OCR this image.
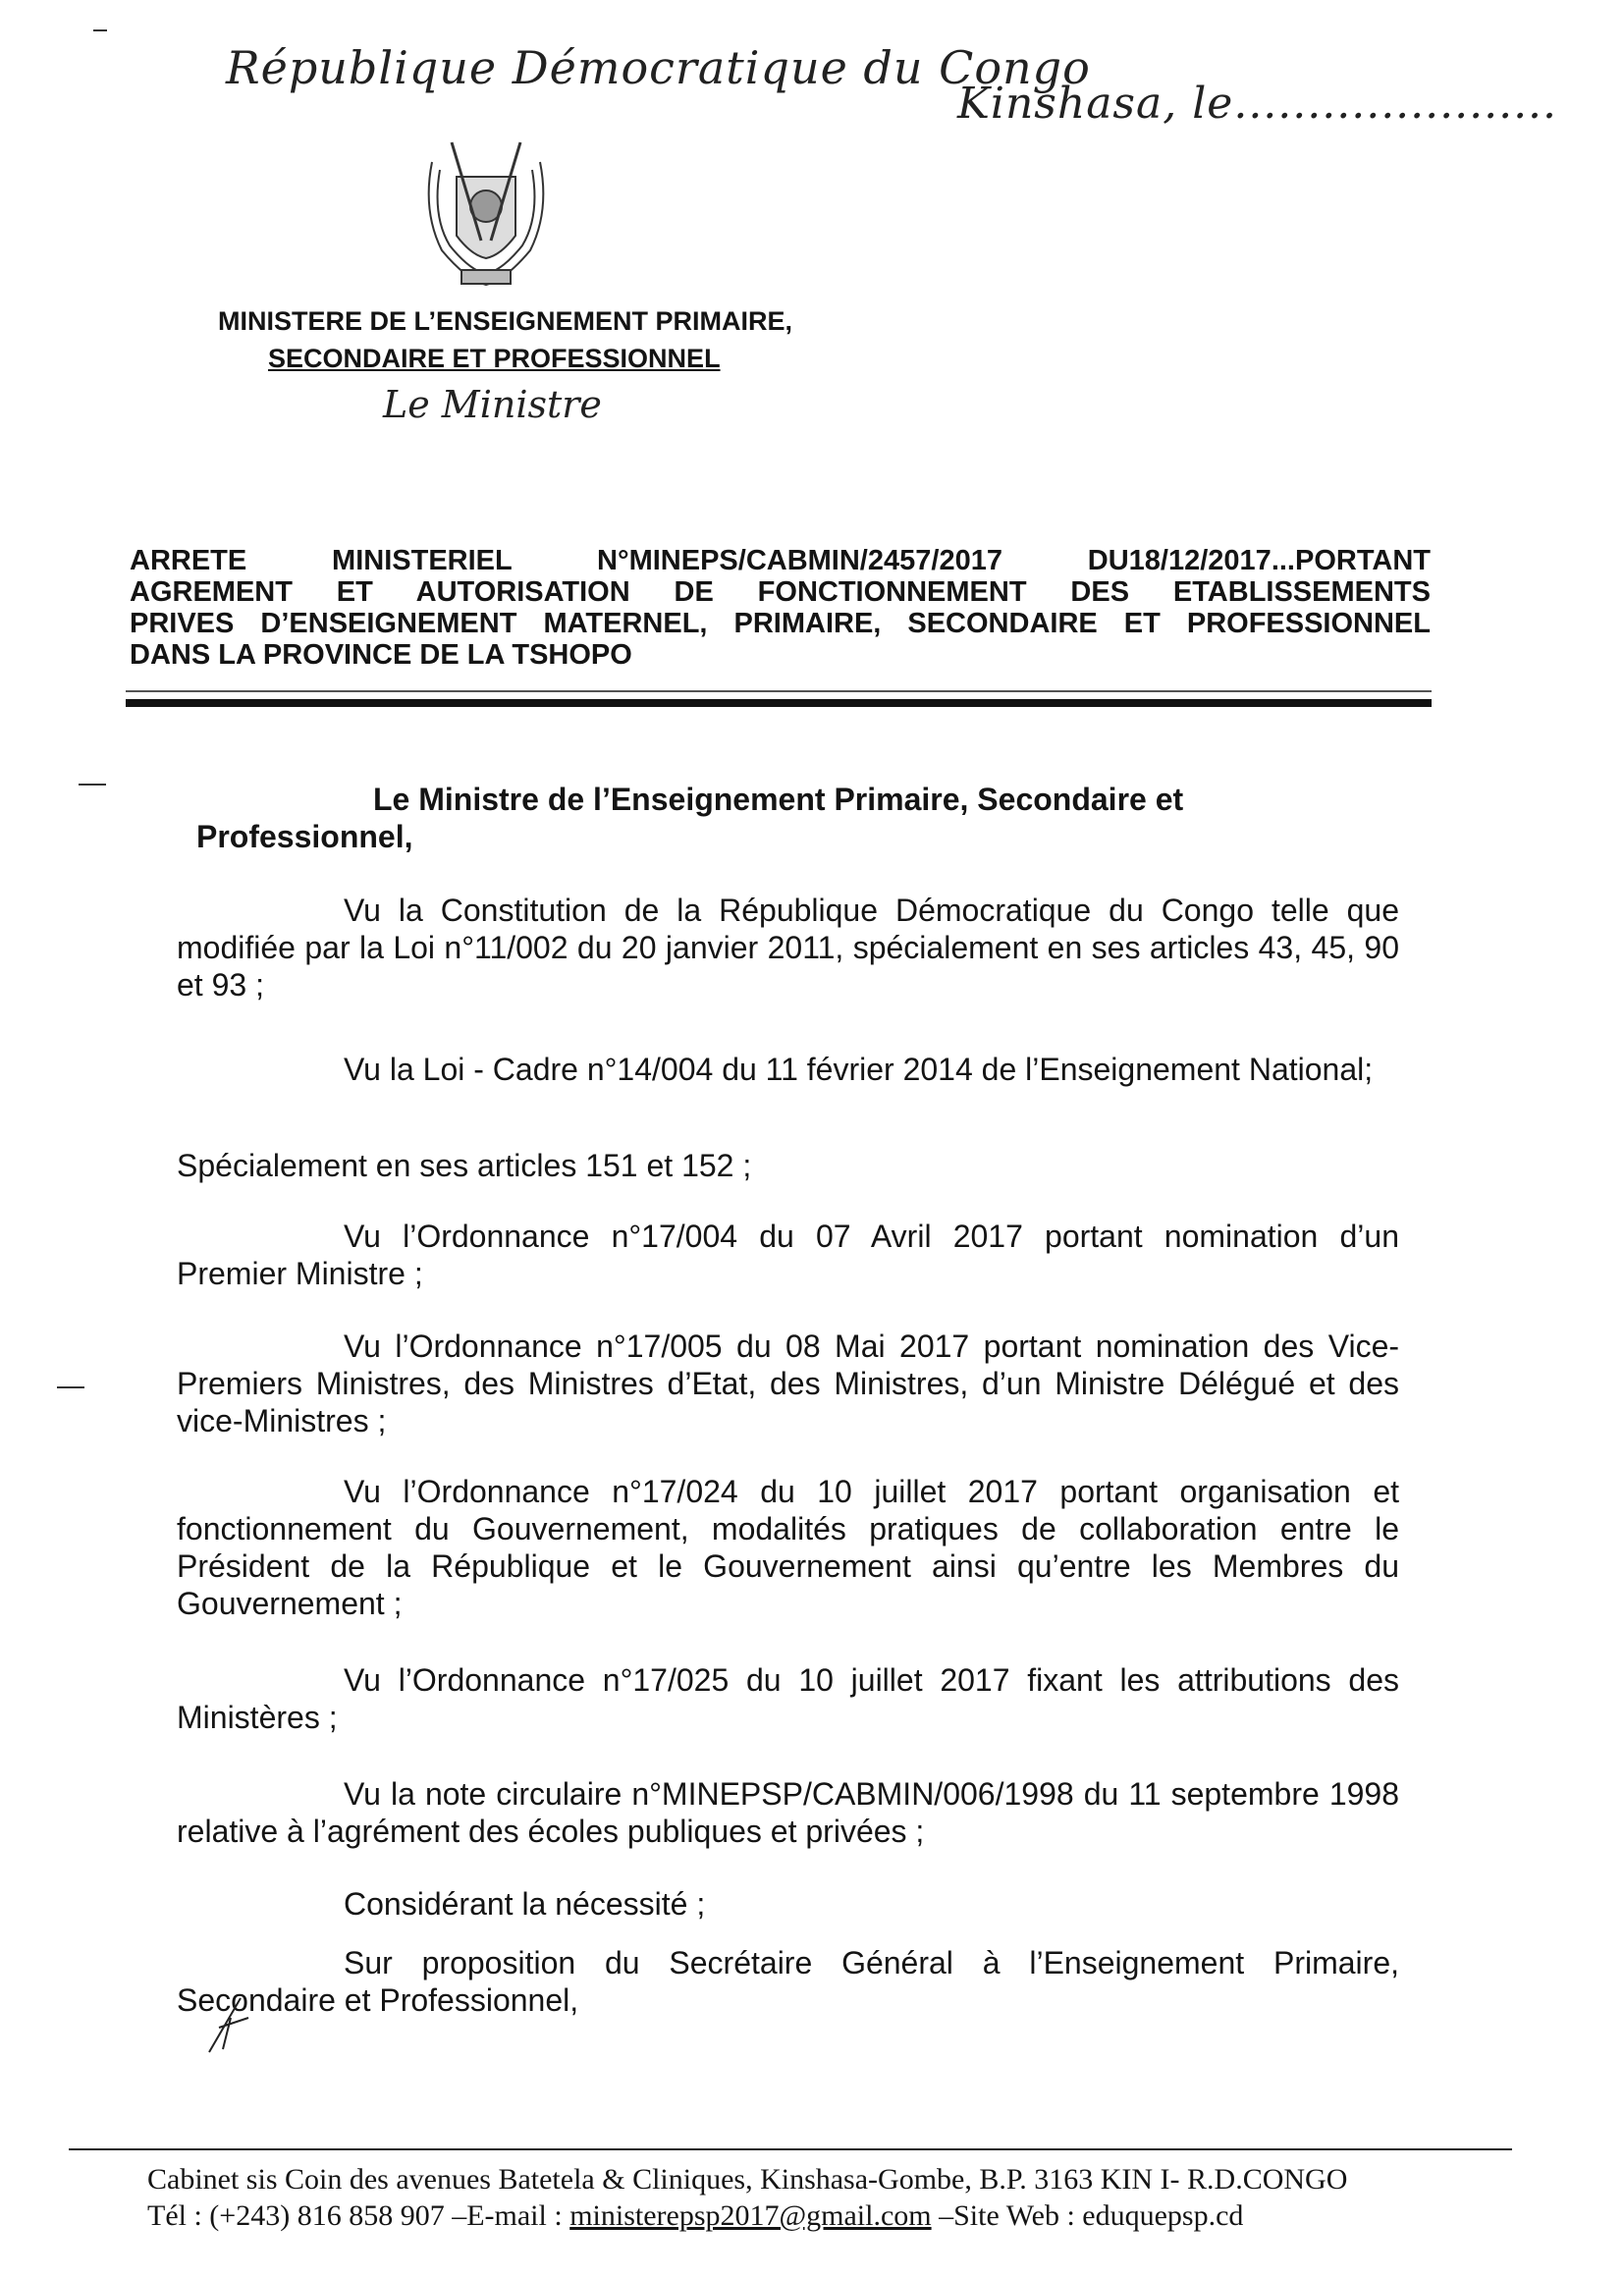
République Démocratique du Congo
Kinshasa, le......................
MINISTERE DE L’ENSEIGNEMENT PRIMAIRE,
SECONDAIRE ET PROFESSIONNEL
Le Ministre
ARRETE MINISTERIEL N°MINEPS/CABMIN/2457/2017 DU18/12/2017...PORTANT
AGREMENT ET AUTORISATION DE FONCTIONNEMENT DES ETABLISSEMENTS
PRIVES D’ENSEIGNEMENT MATERNEL, PRIMAIRE, SECONDAIRE ET PROFESSIONNEL
DANS LA PROVINCE DE LA TSHOPO
Le Ministre de l’Enseignement Primaire, Secondaire et
Professionnel,
Vu la Constitution de la République Démocratique du Congo telle que modifiée par la Loi n°11/002 du 20 janvier 2011, spécialement en ses articles 43, 45, 90 et 93 ;
Vu la Loi - Cadre n°14/004 du 11 février 2014 de l’Enseignement National;
Spécialement en ses articles 151 et 152 ;
Vu l’Ordonnance n°17/004 du 07 Avril 2017 portant nomination d’un Premier Ministre ;
Vu l’Ordonnance n°17/005 du 08 Mai 2017 portant nomination des Vice-Premiers Ministres, des Ministres d’Etat, des Ministres, d’un Ministre Délégué et des vice-Ministres ;
Vu l’Ordonnance n°17/024 du 10 juillet 2017 portant organisation et fonctionnement du Gouvernement, modalités pratiques de collaboration entre le Président de la République et le Gouvernement ainsi qu’entre les Membres du Gouvernement ;
Vu l’Ordonnance n°17/025 du 10 juillet 2017 fixant les attributions des Ministères ;
Vu la note circulaire n°MINEPSP/CABMIN/006/1998 du 11 septembre 1998 relative à l’agrément des écoles publiques et privées ;
Considérant la nécessité ;
Sur proposition du Secrétaire Général à l’Enseignement Primaire, Secondaire et Professionnel,
Cabinet sis Coin des avenues Batetela & Cliniques, Kinshasa-Gombe, B.P. 3163 KIN I- R.D.CONGO
Tél : (+243) 816 858 907 –E-mail : ministerepsp2017@gmail.com –Site Web : eduquepsp.cd
